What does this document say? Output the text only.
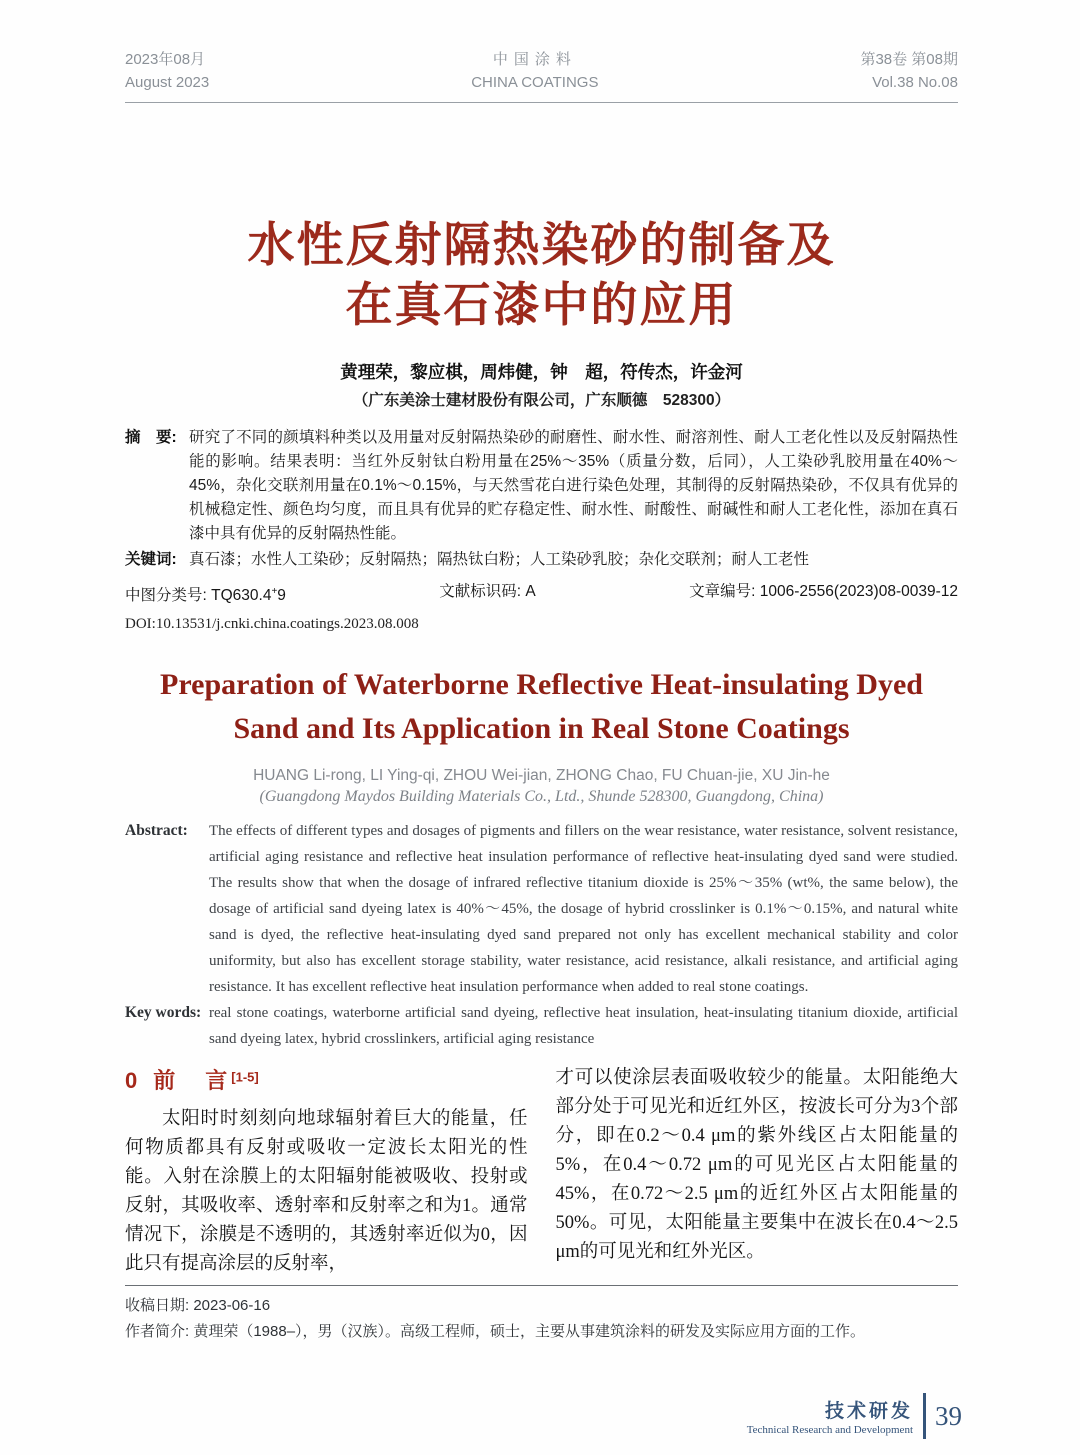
2023年08月
August 2023
中国涂料
CHINA COATINGS
第38卷 第08期
Vol.38 No.08
水性反射隔热染砂的制备及
在真石漆中的应用
黄理荣，黎应棋，周炜健，钟　超，符传杰，许金河
（广东美涂士建材股份有限公司，广东顺德　528300）
摘　要: 研究了不同的颜填料种类以及用量对反射隔热染砂的耐磨性、耐水性、耐溶剂性、耐人工老化性以及反射隔热性能的影响。结果表明：当红外反射钛白粉用量在25%～35%（质量分数，后同），人工染砂乳胶用量在40%～45%，杂化交联剂用量在0.1%～0.15%，与天然雪花白进行染色处理，其制得的反射隔热染砂，不仅具有优异的机械稳定性、颜色均匀度，而且具有优异的贮存稳定性、耐水性、耐酸性、耐碱性和耐人工老化性，添加在真石漆中具有优异的反射隔热性能。
关键词: 真石漆；水性人工染砂；反射隔热；隔热钛白粉；人工染砂乳胶；杂化交联剂；耐人工老性
中图分类号: TQ630.4+9	文献标识码: A	文章编号: 1006-2556(2023)08-0039-12
DOI:10.13531/j.cnki.china.coatings.2023.08.008
Preparation of Waterborne Reflective Heat-insulating Dyed
Sand and Its Application in Real Stone Coatings
HUANG Li-rong, LI Ying-qi, ZHOU Wei-jian, ZHONG Chao, FU Chuan-jie, XU Jin-he
(Guangdong Maydos Building Materials Co., Ltd., Shunde 528300, Guangdong, China)
Abstract:	The effects of different types and dosages of pigments and fillers on the wear resistance, water resistance, solvent resistance, artificial aging resistance and reflective heat insulation performance of reflective heat-insulating dyed sand were studied. The results show that when the dosage of infrared reflective titanium dioxide is 25%～35% (wt%, the same below), the dosage of artificial sand dyeing latex is 40%～45%, the dosage of hybrid crosslinker is 0.1%～0.15%, and natural white sand is dyed, the reflective heat-insulating dyed sand prepared not only has excellent mechanical stability and color uniformity, but also has excellent storage stability, water resistance, acid resistance, alkali resistance, and artificial aging resistance. It has excellent reflective heat insulation performance when added to real stone coatings.
Key words: real stone coatings, waterborne artificial sand dyeing, reflective heat insulation, heat-insulating titanium dioxide, artificial sand dyeing latex, hybrid crosslinkers, artificial aging resistance
0 前　言[1-5]
太阳时时刻刻向地球辐射着巨大的能量，任何物质都具有反射或吸收一定波长太阳光的性能。入射在涂膜上的太阳辐射能被吸收、投射或反射，其吸收率、透射率和反射率之和为1。通常情况下，涂膜是不透明的，其透射率近似为0，因此只有提高涂层的反射率，
才可以使涂层表面吸收较少的能量。太阳能绝大部分处于可见光和近红外区，按波长可分为3个部分，即在0.2～0.4 μm的紫外线区占太阳能量的5%，在0.4～0.72 μm的可见光区占太阳能量的45%，在0.72～2.5 μm的近红外区占太阳能量的50%。可见，太阳能量主要集中在波长在0.4～2.5 μm的可见光和红外光区。
收稿日期: 2023-06-16
作者简介: 黄理荣（1988–），男（汉族）。高级工程师，硕士，主要从事建筑涂料的研发及实际应用方面的工作。
技术研发
Technical Research and Development 39
